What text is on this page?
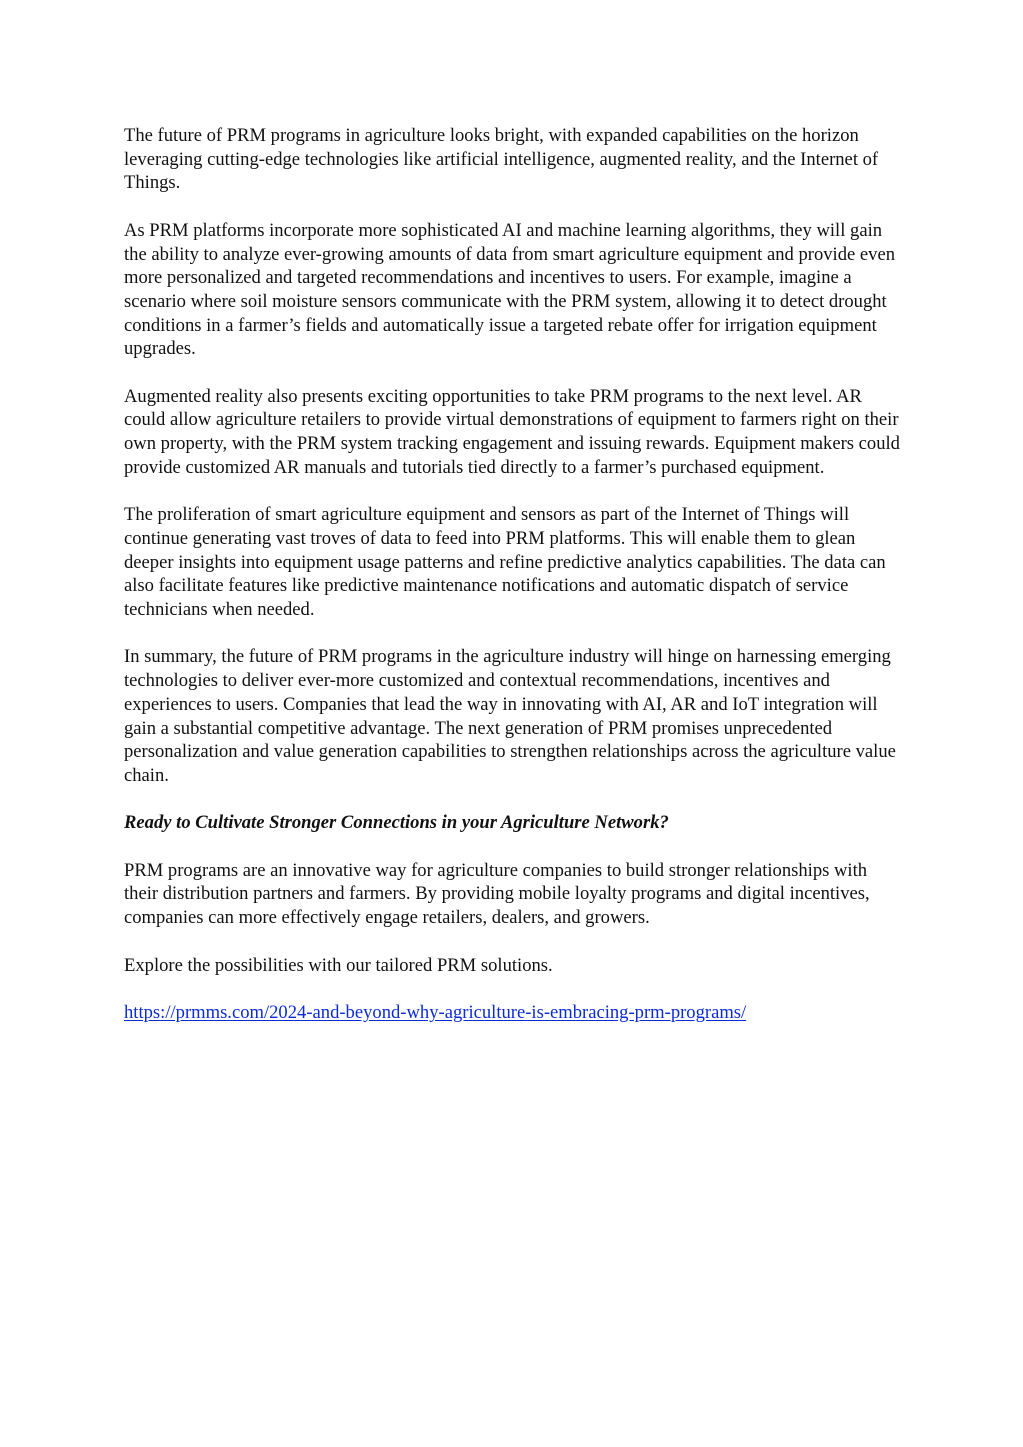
The future of PRM programs in agriculture looks bright, with expanded capabilities on the horizon leveraging cutting-edge technologies like artificial intelligence, augmented reality, and the Internet of Things.

As PRM platforms incorporate more sophisticated AI and machine learning algorithms, they will gain the ability to analyze ever-growing amounts of data from smart agriculture equipment and provide even more personalized and targeted recommendations and incentives to users. For example, imagine a scenario where soil moisture sensors communicate with the PRM system, allowing it to detect drought conditions in a farmer’s fields and automatically issue a targeted rebate offer for irrigation equipment upgrades.

Augmented reality also presents exciting opportunities to take PRM programs to the next level. AR could allow agriculture retailers to provide virtual demonstrations of equipment to farmers right on their own property, with the PRM system tracking engagement and issuing rewards. Equipment makers could provide customized AR manuals and tutorials tied directly to a farmer’s purchased equipment.

The proliferation of smart agriculture equipment and sensors as part of the Internet of Things will continue generating vast troves of data to feed into PRM platforms. This will enable them to glean deeper insights into equipment usage patterns and refine predictive analytics capabilities. The data can also facilitate features like predictive maintenance notifications and automatic dispatch of service technicians when needed.

In summary, the future of PRM programs in the agriculture industry will hinge on harnessing emerging technologies to deliver ever-more customized and contextual recommendations, incentives and experiences to users. Companies that lead the way in innovating with AI, AR and IoT integration will gain a substantial competitive advantage. The next generation of PRM promises unprecedented personalization and value generation capabilities to strengthen relationships across the agriculture value chain.

Ready to Cultivate Stronger Connections in your Agriculture Network?

PRM programs are an innovative way for agriculture companies to build stronger relationships with their distribution partners and farmers. By providing mobile loyalty programs and digital incentives, companies can more effectively engage retailers, dealers, and growers.

Explore the possibilities with our tailored PRM solutions.

https://prmms.com/2024-and-beyond-why-agriculture-is-embracing-prm-programs/
